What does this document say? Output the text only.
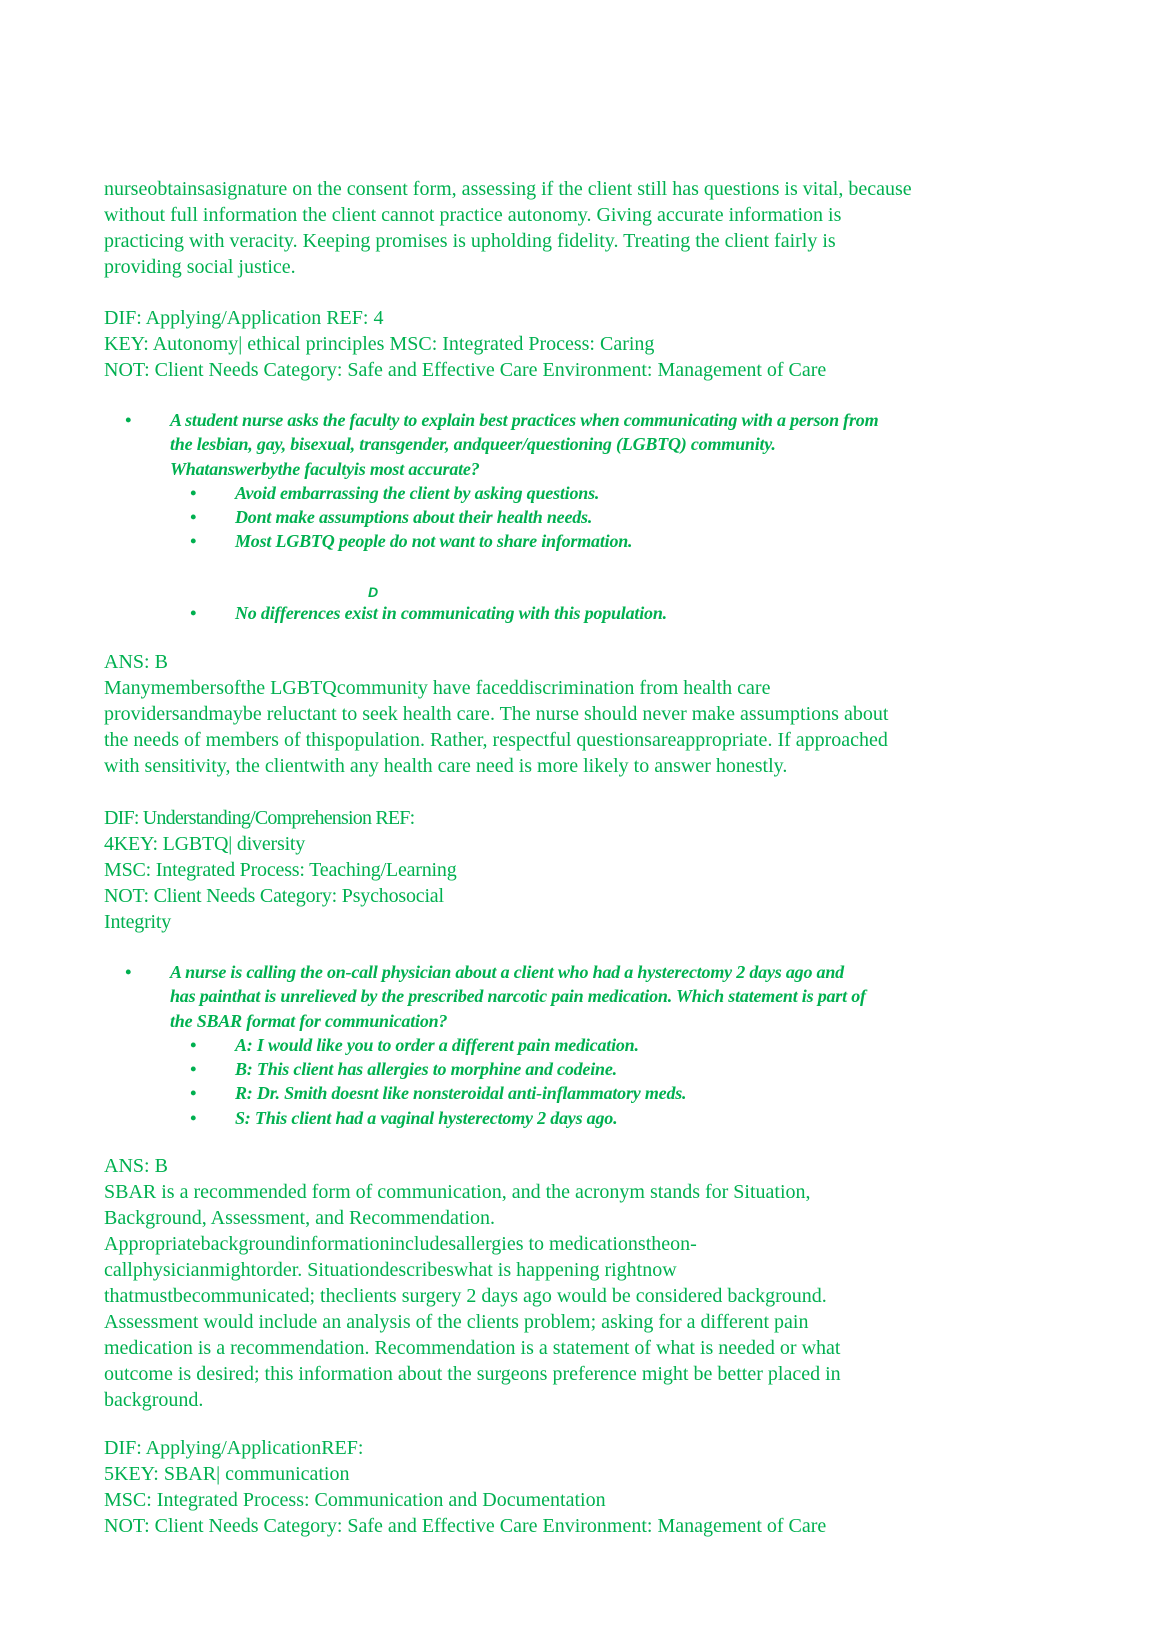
nurseobtainsasignature on the consent form, assessing if the client still has questions is vital, because
without full information the client cannot practice autonomy. Giving accurate information is
practicing with veracity. Keeping promises is upholding fidelity. Treating the client fairly is
providing social justice.
DIF: Applying/Application REF: 4
KEY: Autonomy| ethical principles MSC: Integrated Process: Caring
NOT: Client Needs Category: Safe and Effective Care Environment: Management of Care
• A student nurse asks the faculty to explain best practices when communicating with a person from
the lesbian, gay, bisexual, transgender, andqueer/questioning (LGBTQ) community.
Whatanswerbythe facultyis most accurate?
• Avoid embarrassing the client by asking questions.
• Dont make assumptions about their health needs.
• Most LGBTQ people do not want to share information.
D
• No differences exist in communicating with this population.
ANS: B
Manymembersofthe LGBTQcommunity have faceddiscrimination from health care
providersandmaybe reluctant to seek health care. The nurse should never make assumptions about
the needs of members of thispopulation. Rather, respectful questionsareappropriate. If approached
with sensitivity, the clientwith any health care need is more likely to answer honestly.
DIF: Understanding/Comprehension REF:
4KEY: LGBTQ| diversity
MSC: Integrated Process: Teaching/Learning
NOT: Client Needs Category: Psychosocial
Integrity
• A nurse is calling the on-call physician about a client who had a hysterectomy 2 days ago and
has painthat is unrelieved by the prescribed narcotic pain medication. Which statement is part of
the SBAR format for communication?
• A: I would like you to order a different pain medication.
• B: This client has allergies to morphine and codeine.
• R: Dr. Smith doesnt like nonsteroidal anti-inflammatory meds.
• S: This client had a vaginal hysterectomy 2 days ago.
ANS: B
SBAR is a recommended form of communication, and the acronym stands for Situation,
Background, Assessment, and Recommendation.
Appropriatebackgroundinformationincludesallergies to medicationstheon-
callphysicianmightorder. Situationdescribeswhat is happening rightnow
thatmustbecommunicated; theclients surgery 2 days ago would be considered background.
Assessment would include an analysis of the clients problem; asking for a different pain
medication is a recommendation. Recommendation is a statement of what is needed or what
outcome is desired; this information about the surgeons preference might be better placed in
background.
DIF: Applying/ApplicationREF:
5KEY: SBAR| communication
MSC: Integrated Process: Communication and Documentation
NOT: Client Needs Category: Safe and Effective Care Environment: Management of Care
